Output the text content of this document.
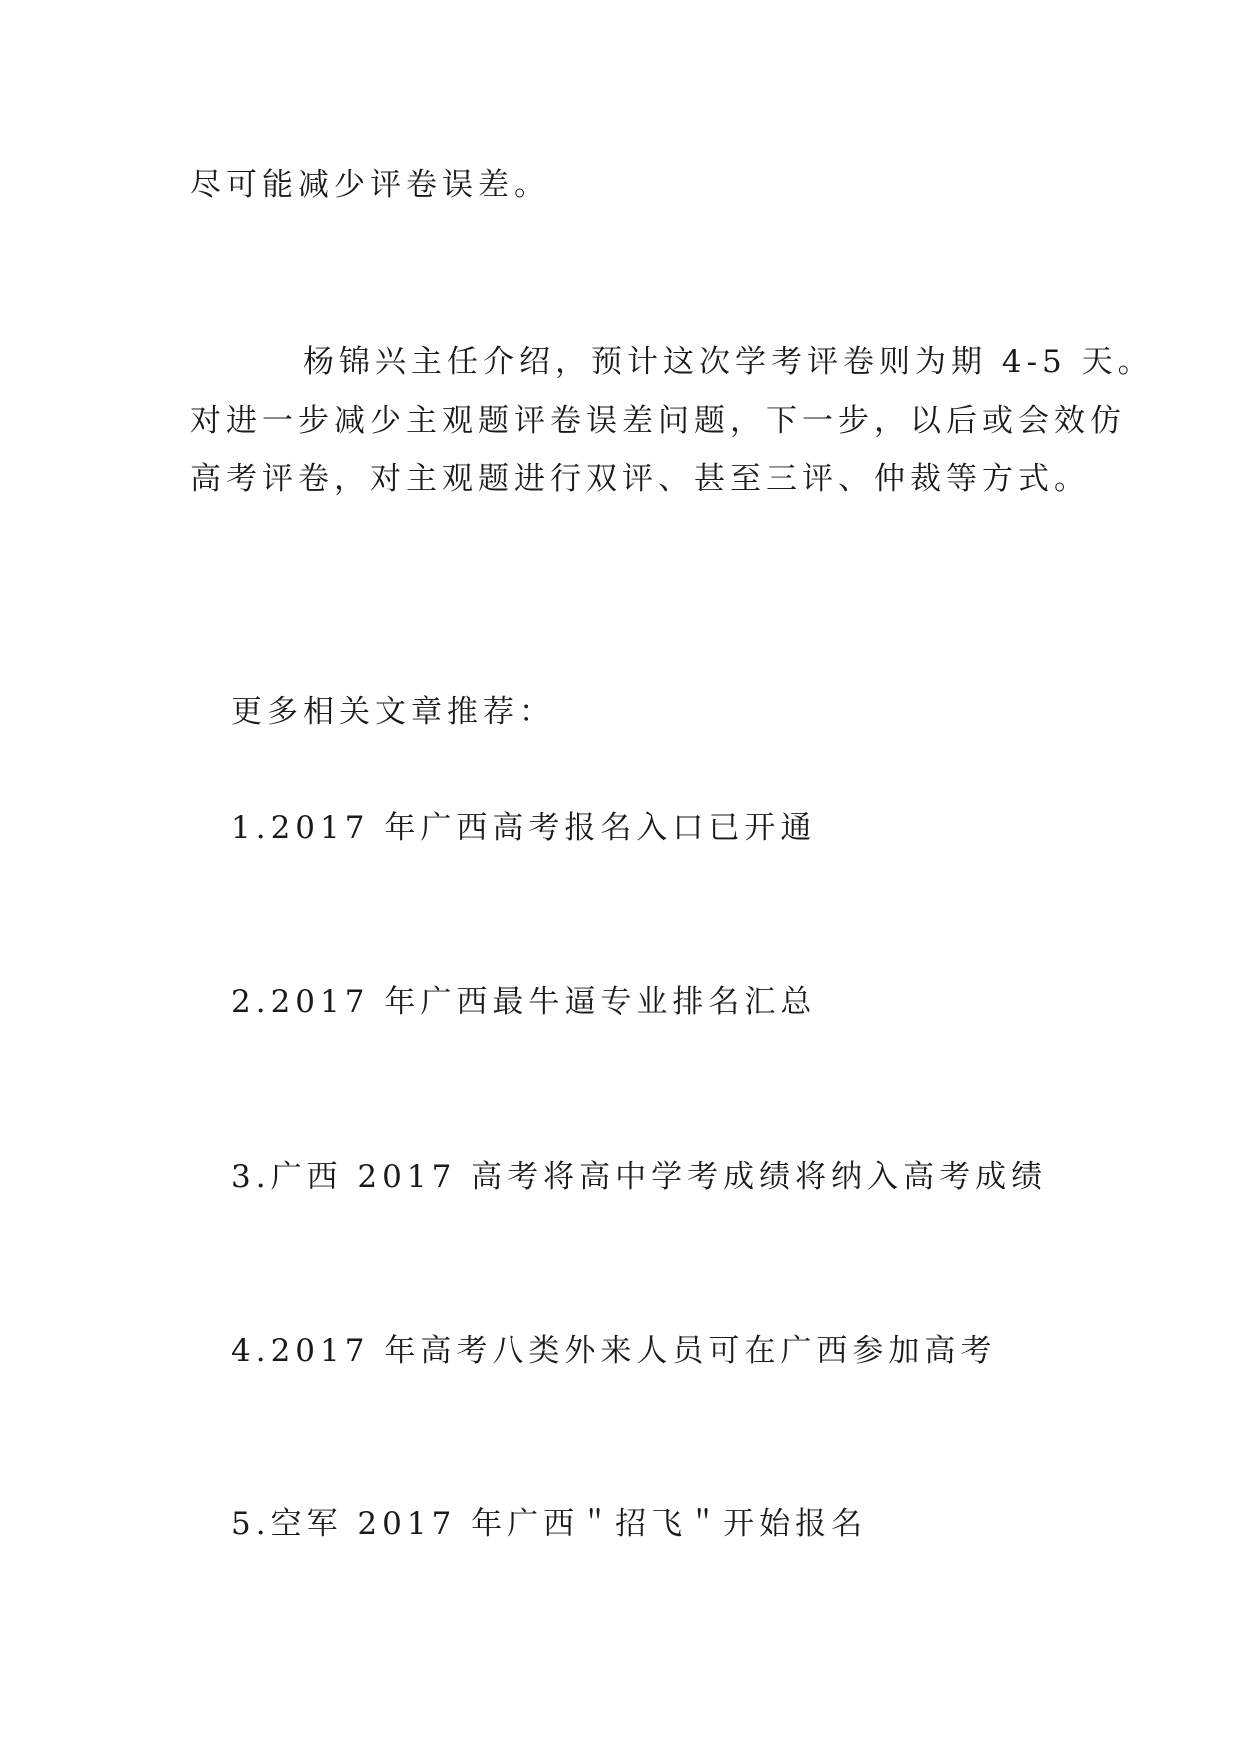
尽可能减少评卷误差。
杨锦兴主任介绍，预计这次学考评卷则为期 4-5 天。
对进一步减少主观题评卷误差问题，下一步，以后或会效仿
高考评卷，对主观题进行双评、甚至三评、仲裁等方式。
更多相关文章推荐：
1.2017 年广西高考报名入口已开通
2.2017 年广西最牛逼专业排名汇总
3.广西 2017 高考将高中学考成绩将纳入高考成绩
4.2017 年高考八类外来人员可在广西参加高考
5.空军 2017 年广西＂招飞＂开始报名
